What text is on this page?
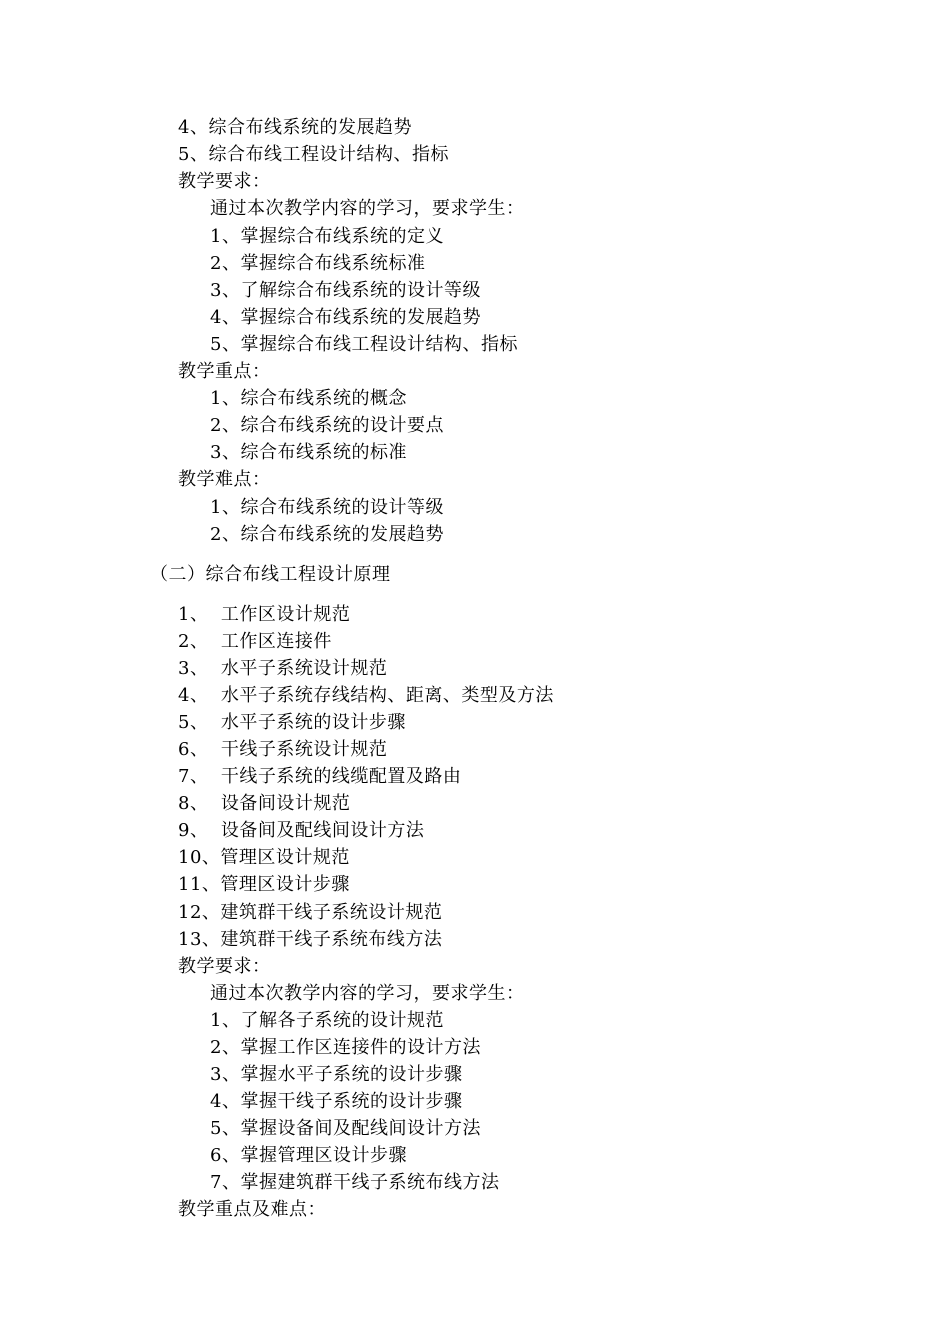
4、综合布线系统的发展趋势
5、综合布线工程设计结构、指标
教学要求：
通过本次教学内容的学习，要求学生：
1、掌握综合布线系统的定义
2、掌握综合布线系统标准
3、了解综合布线系统的设计等级
4、掌握综合布线系统的发展趋势
5、掌握综合布线工程设计结构、指标
教学重点：
1、综合布线系统的概念
2、综合布线系统的设计要点
3、综合布线系统的标准
教学难点：
1、综合布线系统的设计等级
2、综合布线系统的发展趋势
（二）综合布线工程设计原理
1、  工作区设计规范
2、  工作区连接件
3、  水平子系统设计规范
4、  水平子系统存线结构、距离、类型及方法
5、  水平子系统的设计步骤
6、  干线子系统设计规范
7、  干线子系统的线缆配置及路由
8、  设备间设计规范
9、  设备间及配线间设计方法
10、管理区设计规范
11、管理区设计步骤
12、建筑群干线子系统设计规范
13、建筑群干线子系统布线方法
教学要求：
通过本次教学内容的学习，要求学生：
1、了解各子系统的设计规范
2、掌握工作区连接件的设计方法
3、掌握水平子系统的设计步骤
4、掌握干线子系统的设计步骤
5、掌握设备间及配线间设计方法
6、掌握管理区设计步骤
7、掌握建筑群干线子系统布线方法
教学重点及难点：
